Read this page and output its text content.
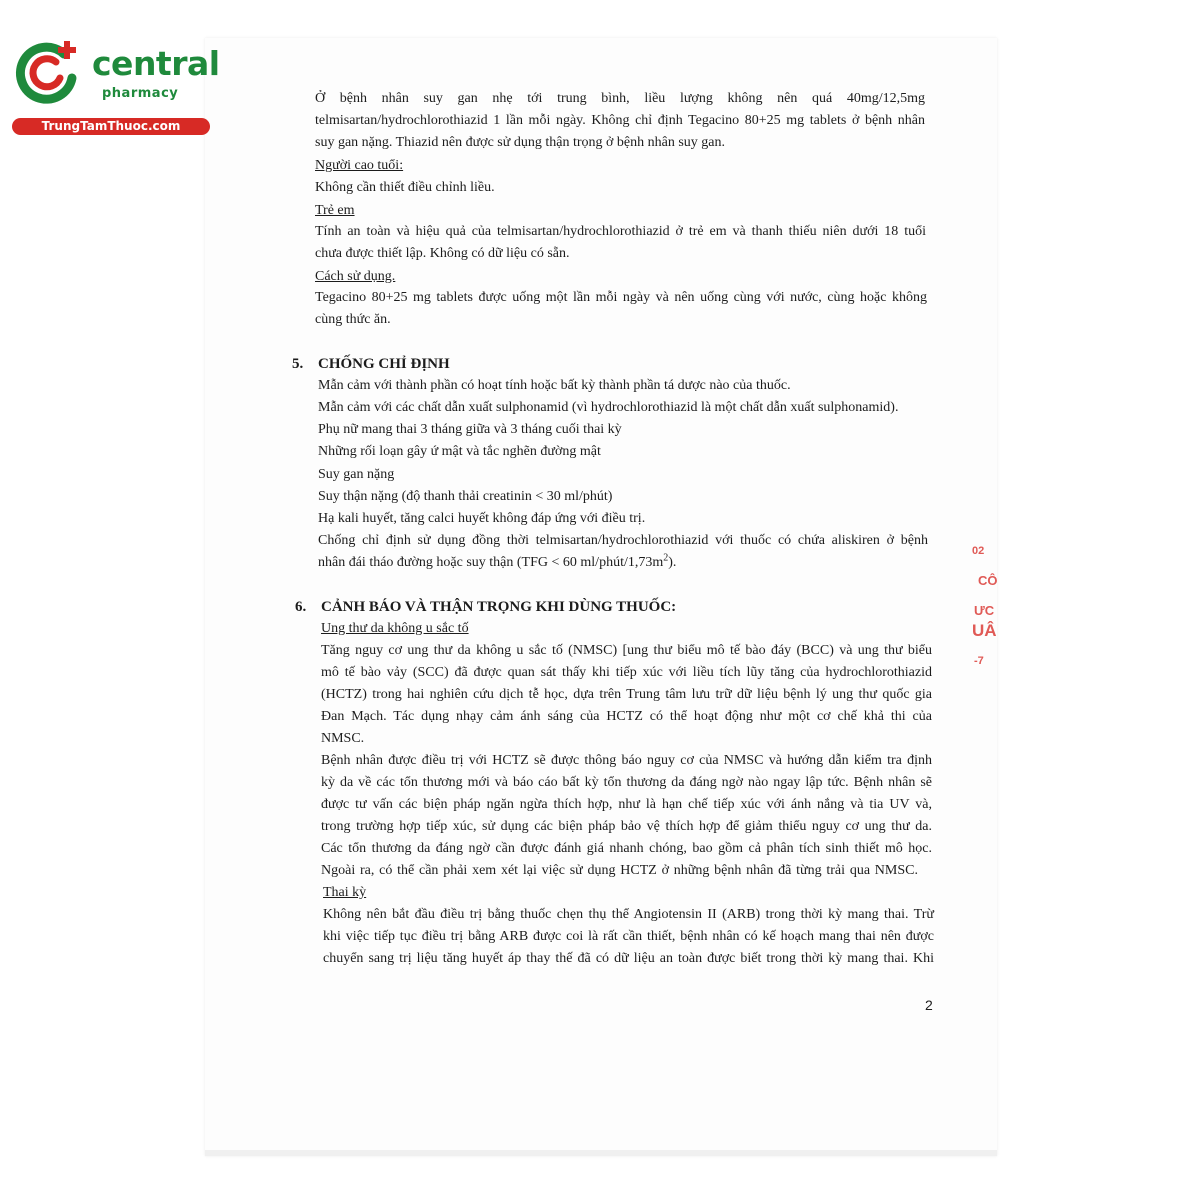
central
pharmacy
TrungTamThuoc.com

Ở bệnh nhân suy gan nhẹ tới trung bình, liều lượng không nên quá 40mg/12,5mg

telmisartan/hydrochlorothiazid 1 lần mỗi ngày. Không chỉ định Tegacino 80+25 mg tablets ở bệnh nhân

suy gan nặng. Thiazid nên được sử dụng thận trọng ở bệnh nhân suy gan.

Người cao tuổi:

Không cần thiết điều chỉnh liều.

Trẻ em

Tính an toàn và hiệu quả của telmisartan/hydrochlorothiazid ở trẻ em và thanh thiếu niên dưới 18 tuổi

chưa được thiết lập. Không có dữ liệu có sẵn.

Cách sử dụng.

Tegacino 80+25 mg tablets được uống một lần mỗi ngày và nên uống cùng với nước, cùng hoặc không

cùng thức ăn.

5. CHỐNG CHỈ ĐỊNH

Mẫn cảm với thành phần có hoạt tính hoặc bất kỳ thành phần tá dược nào của thuốc.

Mẫn cảm với các chất dẫn xuất sulphonamid (vì hydrochlorothiazid là một chất dẫn xuất sulphonamid).

Phụ nữ mang thai 3 tháng giữa và 3 tháng cuối thai kỳ

Những rối loạn gây ứ mật và tắc nghẽn đường mật

Suy gan nặng

Suy thận nặng (độ thanh thải creatinin < 30 ml/phút)

Hạ kali huyết, tăng calci huyết không đáp ứng với điều trị.

Chống chỉ định sử dụng đồng thời telmisartan/hydrochlorothiazid với thuốc có chứa aliskiren ở bệnh

nhân đái tháo đường hoặc suy thận (TFG < 60 $ml/phút/1,73m^2$).

6. CẢNH BÁO VÀ THẬN TRỌNG KHI DÙNG THUỐC:

Ung thư da không u sắc tố

Tăng nguy cơ ung thư da không u sắc tố (NMSC) [ung thư biểu mô tế bào đáy (BCC) và ung thư biểu

mô tế bào vảy (SCC) đã được quan sát thấy khi tiếp xúc với liều tích lũy tăng của hydrochlorothiazid

(HCTZ) trong hai nghiên cứu dịch tễ học, dựa trên Trung tâm lưu trữ dữ liệu bệnh lý ung thư quốc gia

Đan Mạch. Tác dụng nhạy cảm ánh sáng của HCTZ có thể hoạt động như một cơ chế khả thi của

NMSC.

Bệnh nhân được điều trị với HCTZ sẽ được thông báo nguy cơ của NMSC và hướng dẫn kiểm tra định

kỳ da về các tổn thương mới và báo cáo bất kỳ tổn thương da đáng ngờ nào ngay lập tức. Bệnh nhân sẽ

được tư vấn các biện pháp ngăn ngừa thích hợp, như là hạn chế tiếp xúc với ánh nắng và tia UV và,

trong trường hợp tiếp xúc, sử dụng các biện pháp bảo vệ thích hợp để giảm thiểu nguy cơ ung thư da.

Các tổn thương da đáng ngờ cần được đánh giá nhanh chóng, bao gồm cả phân tích sinh thiết mô học.

Ngoài ra, có thể cần phải xem xét lại việc sử dụng HCTZ ở những bệnh nhân đã từng trải qua NMSC.

Thai kỳ

Không nên bắt đầu điều trị bằng thuốc chẹn thụ thể Angiotensin II (ARB) trong thời kỳ mang thai. Trừ

khi việc tiếp tục điều trị bằng ARB được coi là rất cần thiết, bệnh nhân có kế hoạch mang thai nên được

chuyển sang trị liệu tăng huyết áp thay thế đã có dữ liệu an toàn được biết trong thời kỳ mang thai. Khi

2
02
CÔ
ƯC
UÂ
-7
